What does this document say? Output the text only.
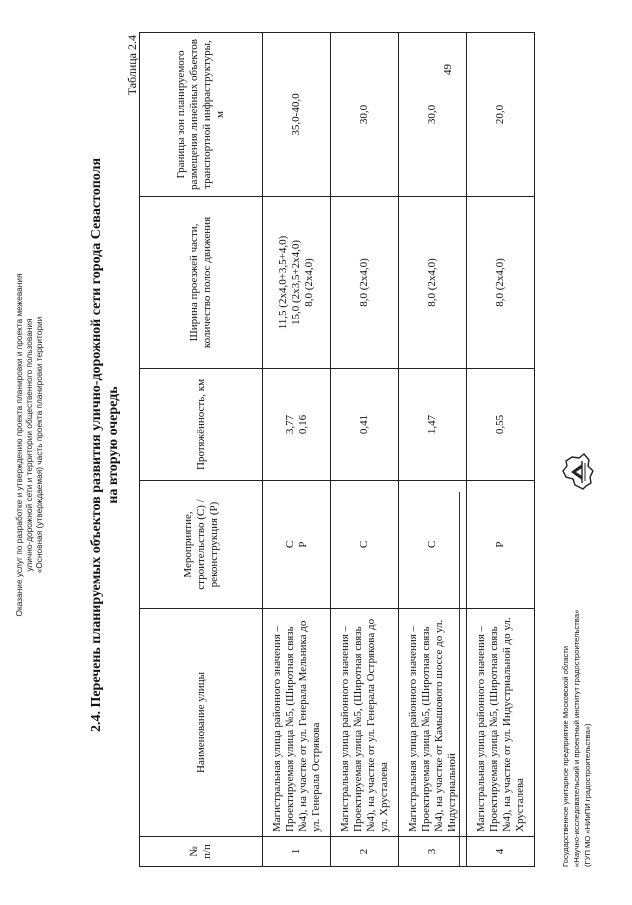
Оказание услуг по разработке и утверждению проекта планировки и проекта межевания улично-дорожной сети и территории общественного пользования «Основная (утверждаемая) часть проекта планировки территории	2.4. Перечень планируемых объектов развития улично-дорожной сети города Севастополя на вторую очередь
Таблица 2.4
№ п/п	Наименование улицы	Мероприятие, строительство (С) / реконструкция (Р)	Протяжённость, км	Ширина проезжей части, количество полос движения	Границы зон планируемого размещения линейных объектов транспортной инфраструктуры, м
1	Магистральная улица районного значения – Проектируемая улица №5, (Широтная связь №4), на участке от ул. Генерала Мельника до ул. Генерала Острякова	С Р	3,77 0,16	11,5 (2х4,0+3,5+4,0) 15,0 (2х3,5+2х4,0) 8,0 (2х4,0)	35,0-40,0
2	Магистральная улица районного значения – Проектируемая улица №5, (Широтная связь №4), на участке от ул. Генерала Острякова до ул. Хрусталева	С	0,41	8,0 (2х4,0)	30,0
3	Магистральная улица районного значения – Проектируемая улица №5, (Широтная связь №4), на участке от Камышового шоссе до ул. Индустриальной	С	1,47	8,0 (2х4,0)	30,0
4	Магистральная улица районного значения – Проектируемая улица №5, (Широтная связь №4), на участке от ул. Индустриальной до ул. Хрусталева	Р	0,55	8,0 (2х4,0)	20,0
49
Государственное унитарное предприятие Московской области «Научно-исследовательский и проектный институт градостроительства» (ГУП МО «НИиПИ градостроительства»)
